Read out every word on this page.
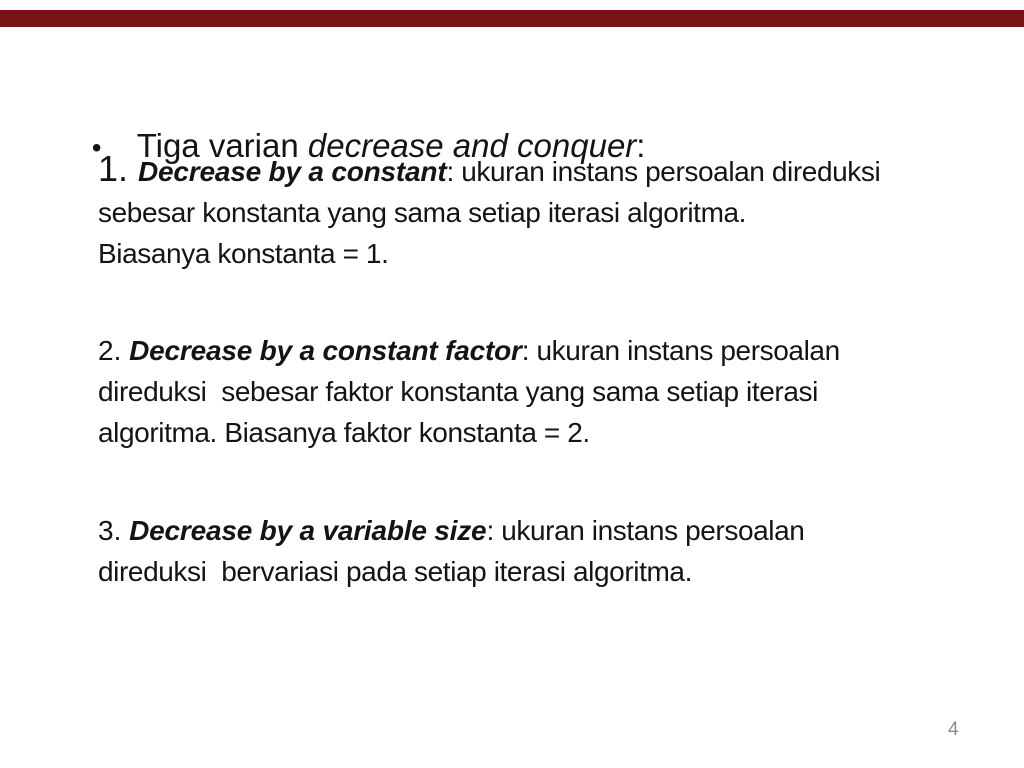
• Tiga varian decrease and conquer:

1. Decrease by a constant: ukuran instans persoalan direduksi
sebesar konstanta yang sama setiap iterasi algoritma.
Biasanya konstanta = 1.
2. Decrease by a constant factor: ukuran instans persoalan
direduksi  sebesar faktor konstanta yang sama setiap iterasi
algoritma. Biasanya faktor konstanta = 2.
3. Decrease by a variable size: ukuran instans persoalan
direduksi  bervariasi pada setiap iterasi algoritma.
4
